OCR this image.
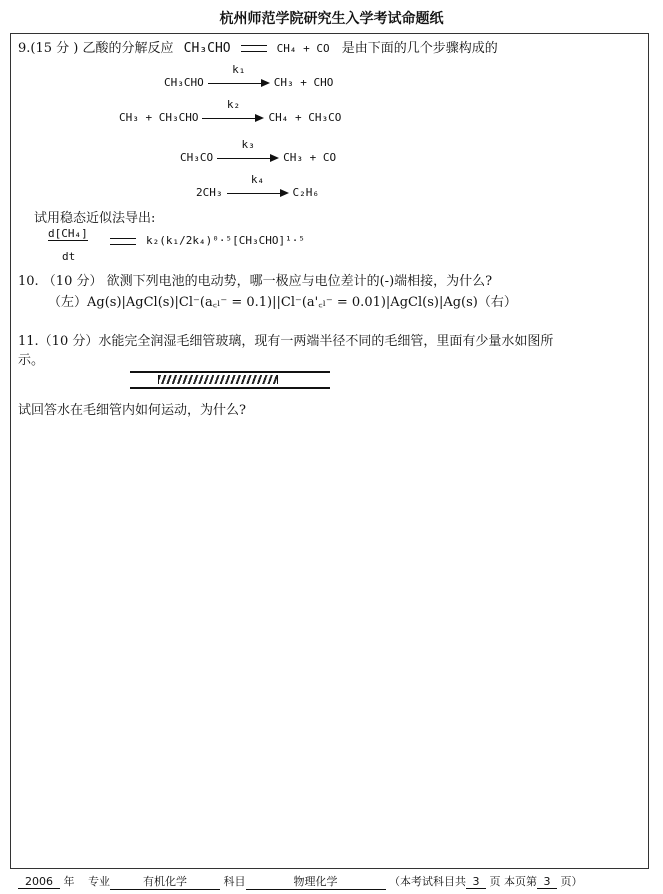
杭州师范学院研究生入学考试命题纸
9.(15 分 ) 乙酸的分解反应 CH₃CHO	CH₄ + CO 是由下面的几个步骤构成的
CH₃CHO
k₁
CH₃ + CHO
CH₃ + CH₃CHO
k₂
CH₄ + CH₃CO
CH₃CO
k₃
CH₃ + CO
2CH₃
k₄
C₂H₆
试用稳态近似法导出:
d[CH₄]
dt
k₂(k₁/2k₄)⁰·⁵[CH₃CHO]¹·⁵
10. （10 分） 欲测下列电池的电动势，哪一极应与电位差计的(-)端相接，为什么?
（左）Ag(s)|AgCl(s)|Cl⁻(a꜀ₗ⁻ = 0.1)||Cl⁻(a'꜀ₗ⁻ = 0.01)|AgCl(s)|Ag(s)（右）
11.（10 分）水能完全润湿毛细管玻璃，现有一两端半径不同的毛细管，里面有少量水如图所
示。
试回答水在毛细管内如何运动，为什么?
2006 年 专业	有机化学	科目	物理化学	（本考试科目共 3 页 本页第 3 页）
